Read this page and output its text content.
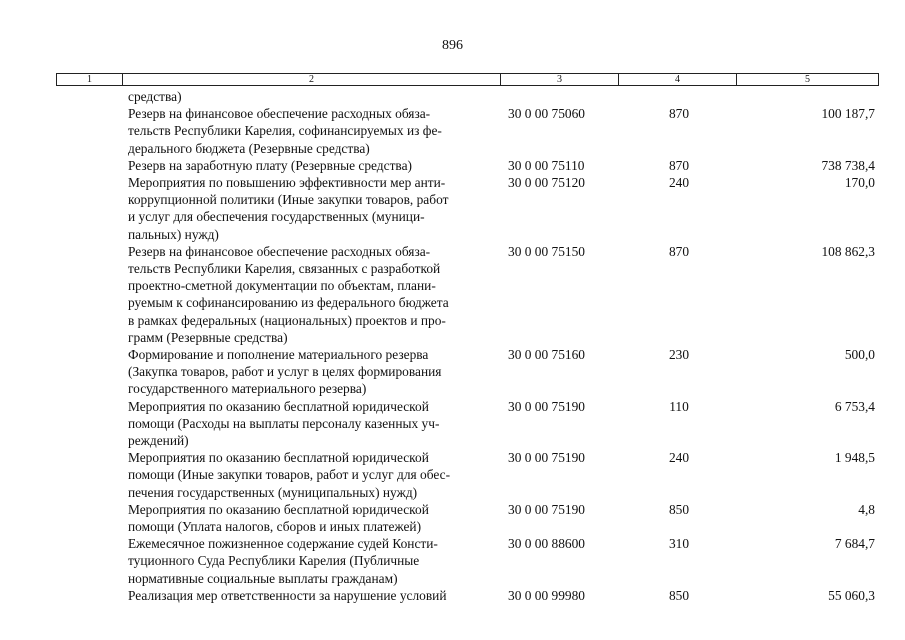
896
1	2	3	4	5
средства)
Резерв на финансовое обеспечение расходных обяза-
тельств Республики Карелия, софинансируемых из фе-
дерального бюджета (Резервные средства)
30 0 00 75060	870	100 187,7
Резерв на заработную плату (Резервные средства)	30 0 00 75110	870	738 738,4
Мероприятия по повышению эффективности мер анти-
коррупционной политики (Иные закупки товаров, работ
и услуг для обеспечения государственных (муници-
пальных) нужд)
30 0 00 75120	240	170,0
Резерв на финансовое обеспечение расходных обяза-
тельств Республики Карелия, связанных с разработкой
проектно-сметной документации по объектам, плани-
руемым к софинансированию из федерального бюджета
в рамках федеральных (национальных) проектов и про-
грамм (Резервные средства)
30 0 00 75150	870	108 862,3
Формирование и пополнение материального резерва
(Закупка товаров, работ и услуг в целях формирования
государственного материального резерва)
30 0 00 75160	230	500,0
Мероприятия по оказанию бесплатной юридической
помощи (Расходы на выплаты персоналу казенных уч-
реждений)
30 0 00 75190	110	6 753,4
Мероприятия по оказанию бесплатной юридической
помощи (Иные закупки товаров, работ и услуг для обес-
печения государственных (муниципальных) нужд)
30 0 00 75190	240	1 948,5
Мероприятия по оказанию бесплатной юридической
помощи (Уплата налогов, сборов и иных платежей)
30 0 00 75190	850	4,8
Ежемесячное пожизненное содержание судей Консти-
туционного Суда Республики Карелия (Публичные
нормативные социальные выплаты гражданам)
30 0 00 88600	310	7 684,7
Реализация мер ответственности за нарушение условий	30 0 00 99980	850	55 060,3
